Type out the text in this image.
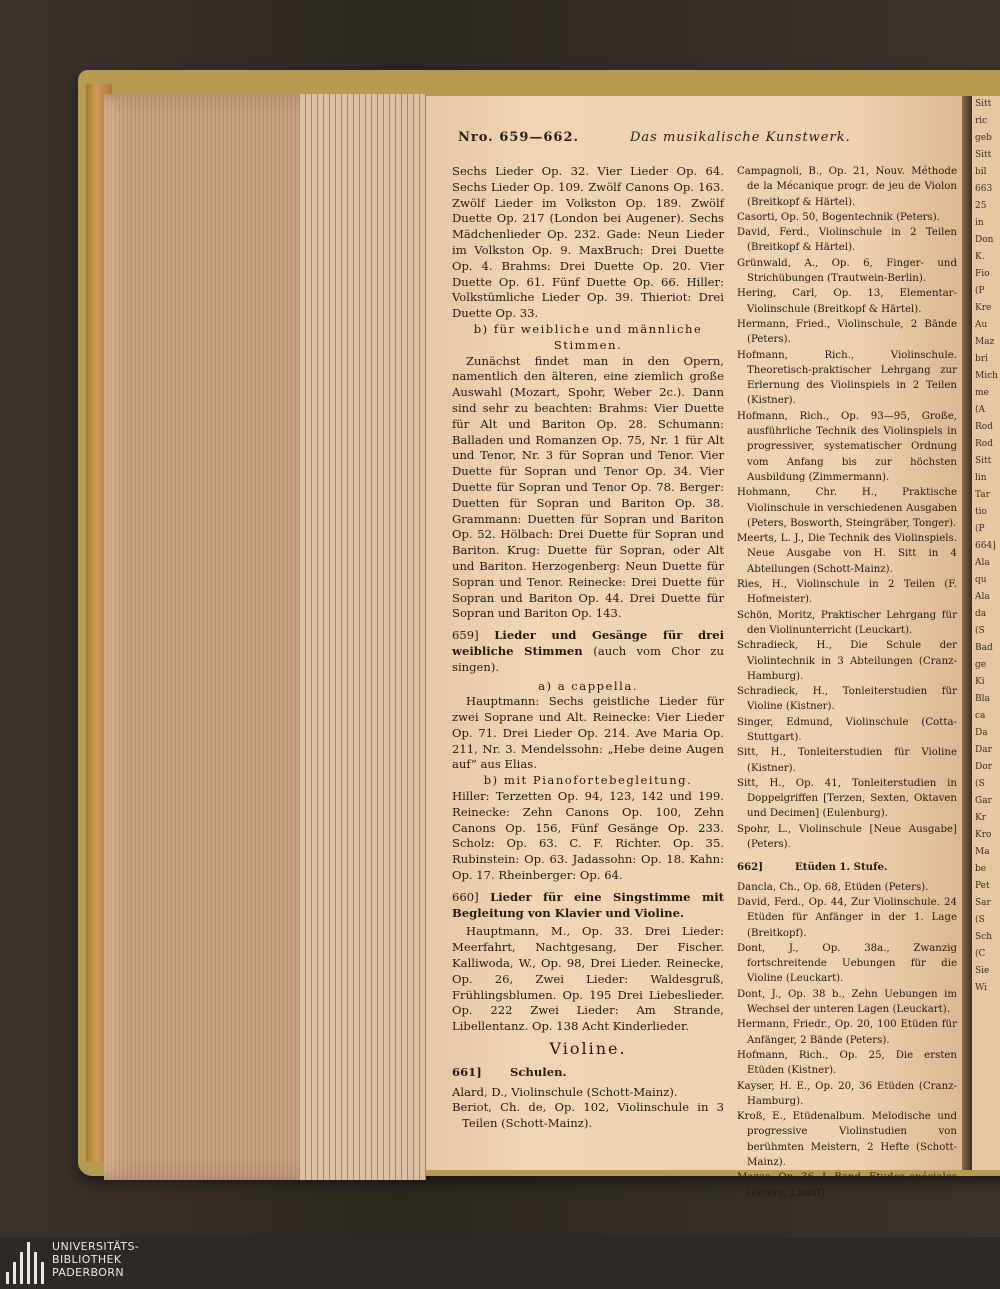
Sitt
ric
geb
Sitt
bil
663
25
in
Don
K.
Fio
(P
Kre
Au
Maz
bri
Mich
me
(A
Rod
Rod
Sitt
lin
Tar
tio
(P
664]
Ala
qu
Ala
da
(S
Bad
ge
Ki
Bla
ca
Da
Dar
Dor
(S
Gar
Kr
Kro
Ma
be
Pet
Sar
(S
Sch
(C
Sie
Wi
Nro. 659—662.	Das musikalische Kunstwerk.

Sechs Lieder Op. 32. Vier Lieder Op. 64. Sechs Lieder Op. 109. Zwölf Canons Op. 163. Zwölf Lieder im Volkston Op. 189. Zwölf Duette Op. 217 (London bei Augener). Sechs Mädchenlieder Op. 232. Gade: Neun Lieder im Volkston Op. 9. MaxBruch: Drei Duette Op. 4. Brahms: Drei Duette Op. 20. Vier Duette Op. 61. Fünf Duette Op. 66. Hiller: Volkstümliche Lieder Op. 39. Thieriot: Drei Duette Op. 33.

b) für weibliche und männliche Stimmen.

Zunächst findet man in den Opern, namentlich den älteren, eine ziemlich große Auswahl (Mozart, Spohr, Weber 2c.). Dann sind sehr zu beachten: Brahms: Vier Duette für Alt und Bariton Op. 28. Schumann: Balladen und Romanzen Op. 75, Nr. 1 für Alt und Tenor, Nr. 3 für Sopran und Tenor. Vier Duette für Sopran und Tenor Op. 34. Vier Duette für Sopran und Tenor Op. 78. Berger: Duetten für Sopran und Bariton Op. 38. Grammann: Duetten für Sopran und Bariton Op. 52. Hölbach: Drei Duette für Sopran und Bariton. Krug: Duette für Sopran, oder Alt und Bariton. Herzogenberg: Neun Duette für Sopran und Tenor. Reinecke: Drei Duette für Sopran und Bariton Op. 44. Drei Duette für Sopran und Bariton Op. 143.

659] Lieder und Gesänge für drei weibliche Stimmen (auch vom Chor zu singen).

a) a cappella.

Hauptmann: Sechs geistliche Lieder für zwei Soprane und Alt. Reinecke: Vier Lieder Op. 71. Drei Lieder Op. 214. Ave Maria Op. 211, Nr. 3. Mendelssohn: „Hebe deine Augen auf“ aus Elias.

b) mit Pianofortebegleitung.

Hiller: Terzetten Op. 94, 123, 142 und 199. Reinecke: Zehn Canons Op. 100, Zehn Canons Op. 156, Fünf Gesänge Op. 233. Scholz: Op. 63. C. F. Richter. Op. 35. Rubinstein: Op. 63. Jadassohn: Op. 18. Kahn: Op. 17. Rheinberger: Op. 64.

660] Lieder für eine Singstimme mit Begleitung von Klavier und Violine.

Hauptmann, M., Op. 33. Drei Lieder: Meerfahrt, Nachtgesang, Der Fischer. Kalliwoda, W., Op. 98, Drei Lieder. Reinecke, Op. 26, Zwei Lieder: Waldesgruß, Frühlingsblumen. Op. 195 Drei Liebeslieder. Op. 222 Zwei Lieder: Am Strande, Libellentanz. Op. 138 Acht Kinderlieder.

Violine.

661]	Schulen.

Alard, D., Violinschule (Schott-Mainz).

Beriot, Ch. de, Op. 102, Violinschule in 3 Teilen (Schott-Mainz).

Campagnoli, B., Op. 21, Nouv. Méthode de la Mécanique progr. de jeu de Violon (Breitkopf & Härtel).

Casorti, Op. 50, Bogentechnik (Peters).

David, Ferd., Violinschule in 2 Teilen (Breitkopf & Härtel).

Grünwald, A., Op. 6, Finger- und Strichübungen (Trautwein-Berlin).

Hering, Carl, Op. 13, Elementar-Violinschule (Breitkopf & Härtel).

Hermann, Fried., Violinschule, 2 Bände (Peters).

Hofmann, Rich., Violinschule. Theoretisch-praktischer Lehrgang zur Erlernung des Violinspiels in 2 Teilen (Kistner).

Hofmann, Rich., Op. 93—95, Große, ausführliche Technik des Violinspiels in progressiver, systematischer Ordnung vom Anfang bis zur höchsten Ausbildung (Zimmermann).

Hohmann, Chr. H., Praktische Violinschule in verschiedenen Ausgaben (Peters, Bosworth, Steingräber, Tonger).

Meerts, L. J., Die Technik des Violinspiels. Neue Ausgabe von H. Sitt in 4 Abteilungen (Schott-Mainz).

Ries, H., Violinschule in 2 Teilen (F. Hofmeister).

Schön, Moritz, Praktischer Lehrgang für den Violinunterricht (Leuckart).

Schradieck, H., Die Schule der Violintechnik in 3 Abteilungen (Cranz-Hamburg).

Schradieck, H., Tonleiterstudien für Violine (Kistner).

Singer, Edmund, Violinschule (Cotta-Stuttgart).

Sitt, H., Tonleiterstudien für Violine (Kistner).

Sitt, H., Op. 41, Tonleiterstudien in Doppelgriffen [Terzen, Sexten, Oktaven und Decimen] (Eulenburg).

Spohr, L., Violinschule [Neue Ausgabe] (Peters).

662]	Etüden 1. Stufe.

Dancla, Ch., Op. 68, Etüden (Peters).

David, Ferd., Op. 44, Zur Violinschule. 24 Etüden für Anfänger in der 1. Lage (Breitkopf).

Dont, J., Op. 38a., Zwanzig fortschreitende Uebungen für die Violine (Leuckart).

Dont, J., Op. 38 b., Zehn Uebungen im Wechsel der unteren Lagen (Leuckart).

Hermann, Friedr., Op. 20, 100 Etüden für Anfänger, 2 Bände (Peters).

Hofmann, Rich., Op. 25, Die ersten Etüden (Kistner).

Kayser, H. E., Op. 20, 36 Etüden (Cranz-Hamburg).

Kroß, E., Etüdenalbum. Melodische und progressive Violinstudien von berühmten Meistern, 2 Hefte (Schott-Mainz).

Mazas, Op. 36, I. Band, Etudes spéciales (Peters, Litolff).

UNIVERSITÄTS-
BIBLIOTHEK
PADERBORN
